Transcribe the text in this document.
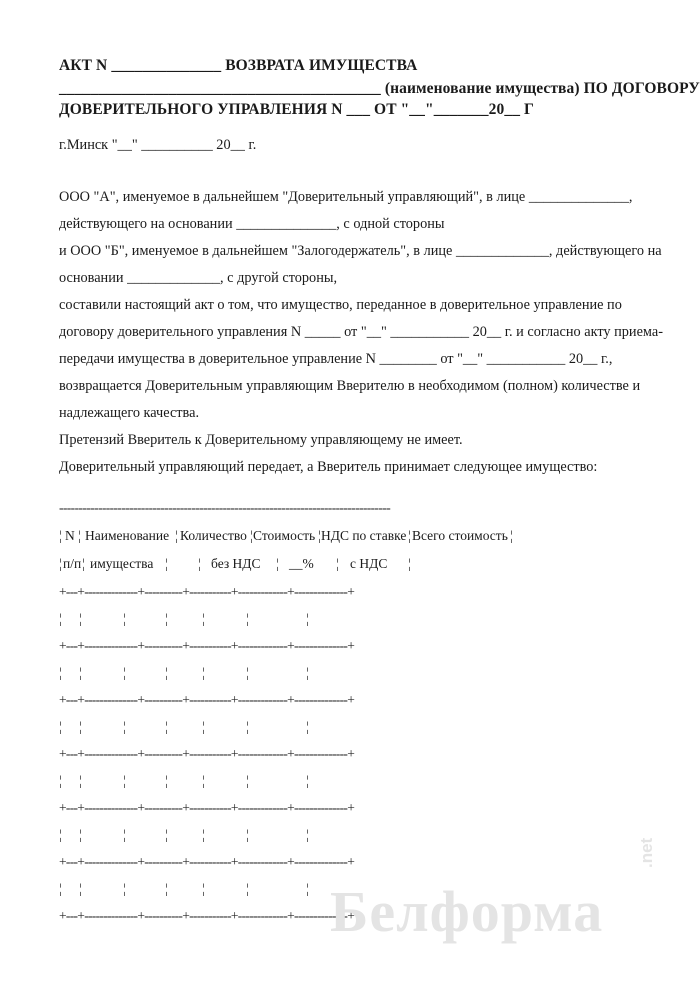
АКТ N ______________ ВОЗВРАТА ИМУЩЕСТВА
_________________________________________ (наименование имущества) ПО ДОГОВОРУ
ДОВЕРИТЕЛЬНОГО УПРАВЛЕНИЯ N ___ ОТ "__"_______20__ Г
г.Минск "__" __________ 20__ г.
ООО "А", именуемое в дальнейшем "Доверительный управляющий", в лице ______________,
действующего на основании ______________, с одной стороны
и ООО "Б", именуемое в дальнейшем "Залогодержатель", в лице _____________, действующего на
основании _____________, с другой стороны,
составили настоящий акт о том, что имущество, переданное в доверительное управление по
договору доверительного управления N _____ от "__" ___________ 20__ г. и согласно акту приема-
передачи имущества в доверительное управление N ________ от "__" ___________ 20__ г.,
возвращается Доверительным управляющим Вверителю в необходимом (полном) количестве и
надлежащего качества.
Претензий Вверитель к Доверительному управляющему не имеет.
Доверительный управляющий передает, а Вверитель принимает следующее имущество:
-------------------------------------------------------------------------------------
¦ N ¦ Наименование ¦ Количество ¦ Стоимость ¦ НДС по ставке ¦ Всего стоимость ¦
¦ п/п ¦ имущества ¦ ¦ без НДС ¦ __% ¦ с НДС ¦
+---+--------------+----------+-----------+-------------+--------------+
+---+--------------+----------+-----------+-------------+--------------+
+---+--------------+----------+-----------+-------------+--------------+
+---+--------------+----------+-----------+-------------+--------------+
+---+--------------+----------+-----------+-------------+--------------+
+---+--------------+----------+-----------+-------------+--------------+
+---+--------------+----------+-----------+-------------+--------------+
Белформа
.net
¦ ¦	¦	¦	¦	¦	¦
¦ ¦	¦	¦	¦	¦	¦
¦ ¦	¦	¦	¦	¦	¦
¦ ¦	¦	¦	¦	¦	¦
¦ ¦	¦	¦	¦	¦	¦
¦ ¦	¦	¦	¦	¦	¦
